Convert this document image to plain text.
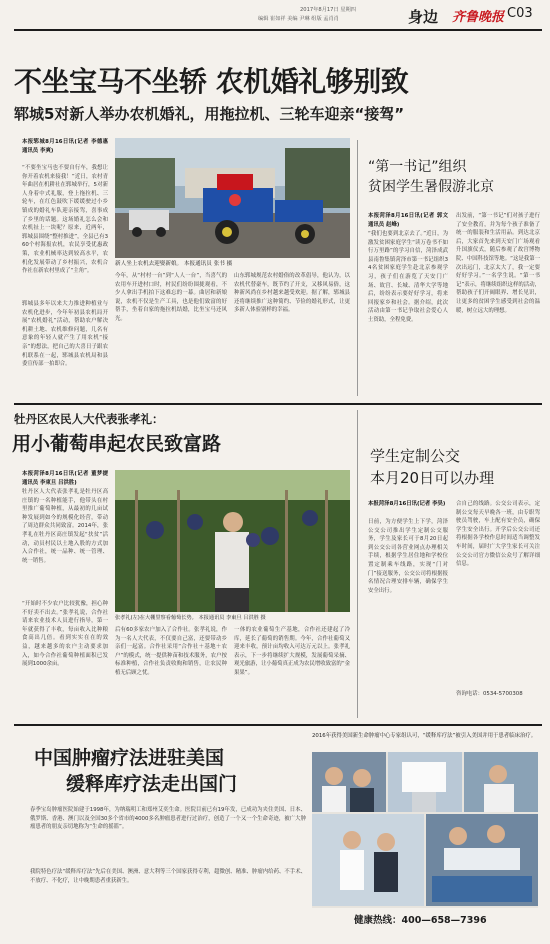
2017年8月17日 星期四
编辑 崔如祥 美编 尹琳 组版 孟肖肖	身边 齐鲁晚报 C03
不坐宝马不坐轿 农机婚礼够别致
郓城5对新人举办农机婚礼，用拖拉机、三轮车迎亲“接驾”
本报郓城8月16日讯(记者 李德惠 通讯员 李爽)
“不要坐宝马也不要自行车，我想让你开着农机来接我！”近日，农村青年曲居在机耕社在郓城举行，5对新人身着中式礼服，登上拖拉机、三轮车，在红色鼓吹下缓缓驶过小乡镇成的婚礼车队迎亲接驾，喜事成了乡里的话题。这场婚礼怎么会和农机扯上一块呢？原来，近两年，郓城县围绕“整村推进”，全县已有360个村海报农机，农民享受优惠政策，农业机械率达到较高水平，农机化发展带动了乡村振兴，农机合作社在新农村里成了“主角”。
郓城县多年以来大力推进种植业与农机化进步，今年年初县农机局开展“农机婚礼”活动，帮助农户解决机耕土地、农机维修问题，几名有意象的年轻人就产生了用农机“接亲”的想法，把自己的大喜日子跟农机联系在一起，郓城县农机局和县委宣传部一拍即合。
新人坐上农机去迎娶新娘。 本报通讯员 张书 摄
今年，从“村村一台”到“人人一台”，当喜气的农用车开进村口时，村民们纷纷围拢观看，不少人拿出手机拍下这难忘的一幕。曲居和新娘说，农机不仅是生产工具，也是他们致富的好帮手，坐着自家的拖拉机结婚，比坐宝马还风光。
山东郓城规范农村婚俗的改革倡导，他认为，以农机代替豪车，既节约了开支，又移风易俗，这种新风尚在乡村越来越受欢迎。据了解，郓城县还将继续推广这种简约、节俭的婚礼形式，让更多新人体验别样的幸福。
“第一书记”组织
贫困学生暑假游北京
本报菏泽8月16日讯(记者 郭文 通讯员 赵峰)
“我们也要到北京去了。”近日，为激发贫困家庭学生“读万卷书不如行万里路”的学习自信，菏泽成武县南鲁集镇菏泽市第一书记组织34名贫困家庭学生赴北京参观学习，孩子们在游览了天安门广场、故宫、长城、清华大学等地后，纷纷表示要好好学习，将来回报家乡和社会。据介绍，此次活动由第一书记争取社会爱心人士资助，全程免费。
出发前，“第一书记”们对孩子进行了安全教育，并为每个孩子准备了统一的服装和生活用品。到达北京后，大家首先来到天安门广场观看升国旗仪式，随后参观了故宫博物院、中国科技馆等地。“这是我第一次出远门，北京太大了，我一定要好好学习。”一名学生说。“第一书记”表示，将继续组织这样的活动，帮助孩子们开阔眼界、增长见识，让更多的贫困学生感受到社会的温暖，树立远大的理想。
牡丹区农民人大代表张孝礼：
用小葡萄串起农民致富路
本报菏泽8月16日讯(记者 董梦捷 通讯员 李東旦 吕洪胜)
牡丹区人大代表张孝礼是牡丹区高庄镇的一名种植能手，他带头在村里推广葡萄种植，从最初的几亩试种发展到如今的规模化经营，带动了周边群众共同致富。2014年，张孝礼在牡丹区高庄镇发起“扶贫”活动，动员村民以土地入股的方式加入合作社，统一品种、统一管理、统一销售。
“开始时不少农户比较犹豫，担心种不好卖不出去。”张孝礼说，合作社请来农业技术人员进行指导，第一年就获得了丰收，每亩收入比种粮食高出几倍。看到实实在在的效益，越来越多的农户主动要求加入，如今合作社葡萄种植面积已发展到1000余亩。
张孝礼(左)在大棚里察看葡萄长势。 本报通讯员 李東旦 吕洪胜 摄
后有60多家农户加入了合作社。张孝礼说，作为一名人大代表，不仅要自己富，还要带动乡亲们一起富。合作社采用“合作社＋基地＋农户”的模式，统一提供种苗和技术服务，农户按标准种植，合作社负责收购和销售，让农民种植无后顾之忧。
一体的农业葡萄生产基地，合作社还建起了冷库，延长了葡萄的销售期。今年，合作社葡萄又迎来丰收，预计亩均收入可达万元以上。张孝礼表示，下一步将继续扩大规模，发展葡萄采摘、观光旅游，让小葡萄真正成为农民增收致富的“金果果”。
学生定制公交
本月20日可以办理
本报菏泽8月16日讯(记者 李昊)
日前，为方便学生上下学，菏泽公交公司推出学生定制公交服务，学生及家长可于8月20日起到公交公司各营业网点办理相关手续，根据学生居住地和学校位置定制乘车线路，实现“门对门”接送服务，公交公司将根据报名情况合理安排车辆，确保学生安全出行。
合自己的线路。公交公司表示，定制公交每天早晚各一班，由专职驾驶员驾驶，车上配有安全员，确保学生安全出行。开学后公交公司还将根据各学校作息时间适当调整发车时间，届时广大学生家长可关注公交公司官方微信公众号了解详细信息。
咨询电话：0534-5700308
中国肿瘤疗法进驻美国
缓释库疗法走出国门
春季宝岛肿瘤医院始建于1998年，为纳瑞明工和郑州艾奕生命。医院目前已有19年发，已成功为夹住美国、日本、俄罗斯、香港、澳门以及全国30多个省市的4000多名肿瘤患者进行过治疗，创造了一个又一个生命奇迹，被广大肿瘤患者的朋友亲切地称为“生命的摇篮”。
我院特色疗法“缓释库疗法”先后在美国、澳洲、意大利等三个国家获得专利，超微创、精准、肿瘤内给药、不手术、不放疗、不化疗，让中晚期患者重获新生。
2016年获得美国新生命肿瘤中心专家组认可，“缓释库疗法”被引入美国并用于患者临床治疗。
健康热线：400—658—7396
